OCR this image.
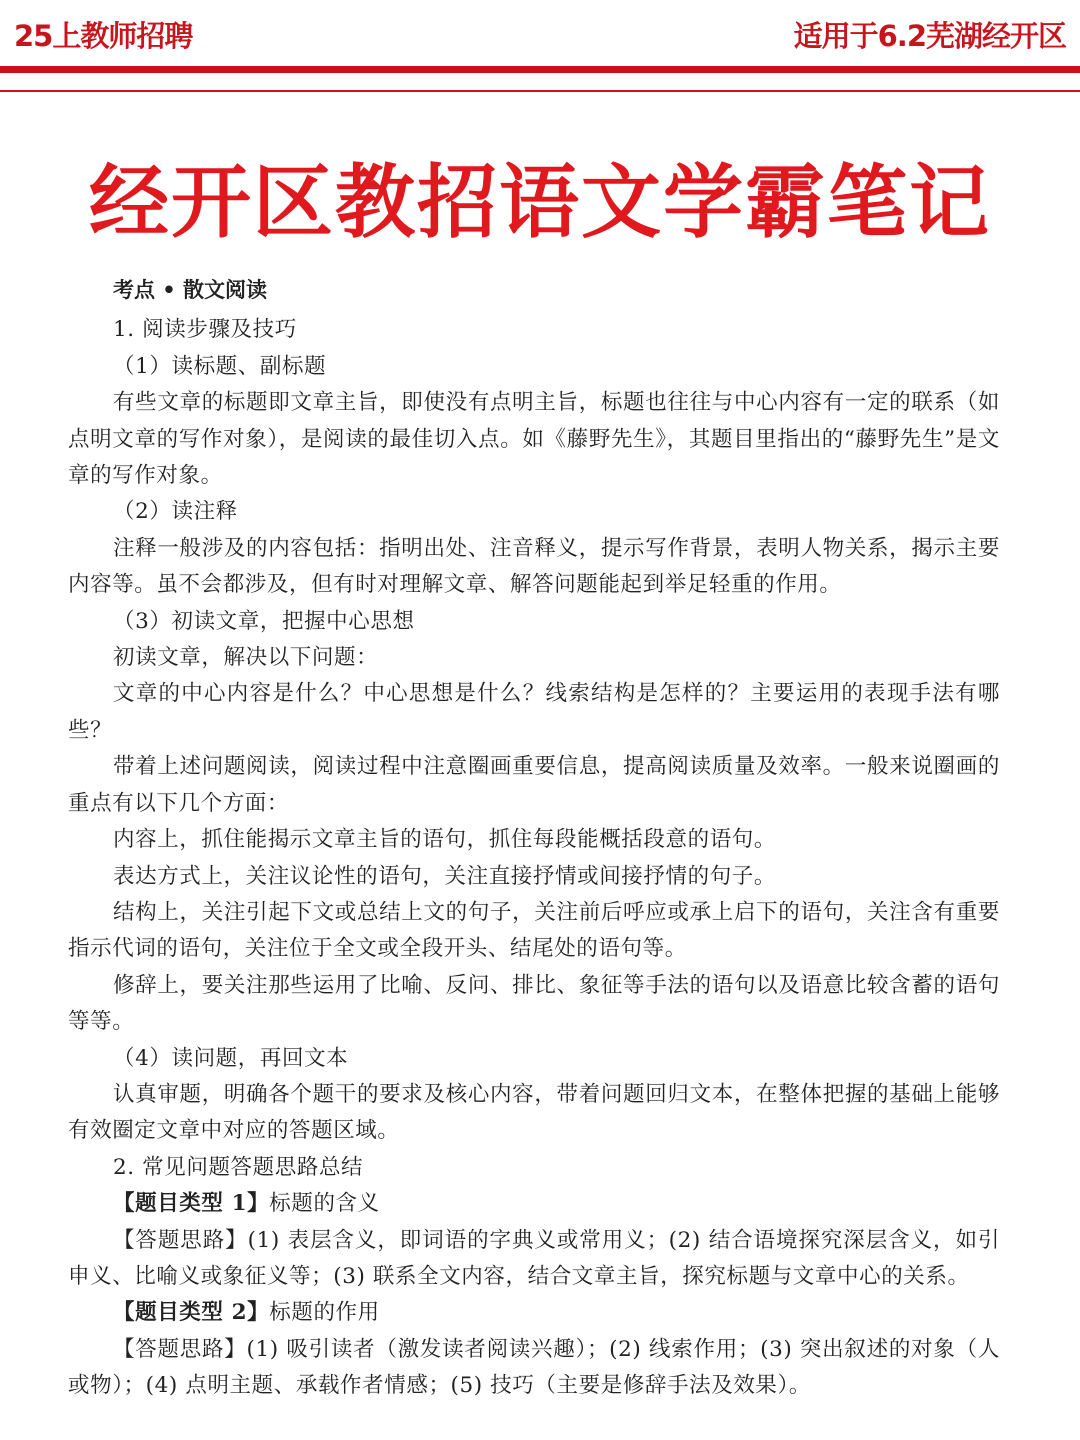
25上教师招聘	适用于6.2芜湖经开区
经开区教招语文学霸笔记
考点 • 散文阅读
1. 阅读步骤及技巧
（1）读标题、副标题
有些文章的标题即文章主旨，即使没有点明主旨，标题也往往与中心内容有一定的联系（如点明文章的写作对象），是阅读的最佳切入点。如《藤野先生》，其题目里指出的“藤野先生”是文章的写作对象。
（2）读注释
注释一般涉及的内容包括：指明出处、注音释义，提示写作背景，表明人物关系，揭示主要内容等。虽不会都涉及，但有时对理解文章、解答问题能起到举足轻重的作用。
（3）初读文章，把握中心思想
初读文章，解决以下问题：
文章的中心内容是什么？中心思想是什么？线索结构是怎样的？主要运用的表现手法有哪些？
带着上述问题阅读，阅读过程中注意圈画重要信息，提高阅读质量及效率。一般来说圈画的重点有以下几个方面：
内容上，抓住能揭示文章主旨的语句，抓住每段能概括段意的语句。
表达方式上，关注议论性的语句，关注直接抒情或间接抒情的句子。
结构上，关注引起下文或总结上文的句子，关注前后呼应或承上启下的语句，关注含有重要指示代词的语句，关注位于全文或全段开头、结尾处的语句等。
修辞上，要关注那些运用了比喻、反问、排比、象征等手法的语句以及语意比较含蓄的语句等等。
（4）读问题，再回文本
认真审题，明确各个题干的要求及核心内容，带着问题回归文本，在整体把握的基础上能够有效圈定文章中对应的答题区域。
2. 常见问题答题思路总结
【题目类型 1】标题的含义
【答题思路】(1) 表层含义，即词语的字典义或常用义；(2) 结合语境探究深层含义，如引申义、比喻义或象征义等；(3) 联系全文内容，结合文章主旨，探究标题与文章中心的关系。
【题目类型 2】标题的作用
【答题思路】(1) 吸引读者（激发读者阅读兴趣）；(2) 线索作用；(3) 突出叙述的对象（人或物）；(4) 点明主题、承载作者情感；(5) 技巧（主要是修辞手法及效果）。
